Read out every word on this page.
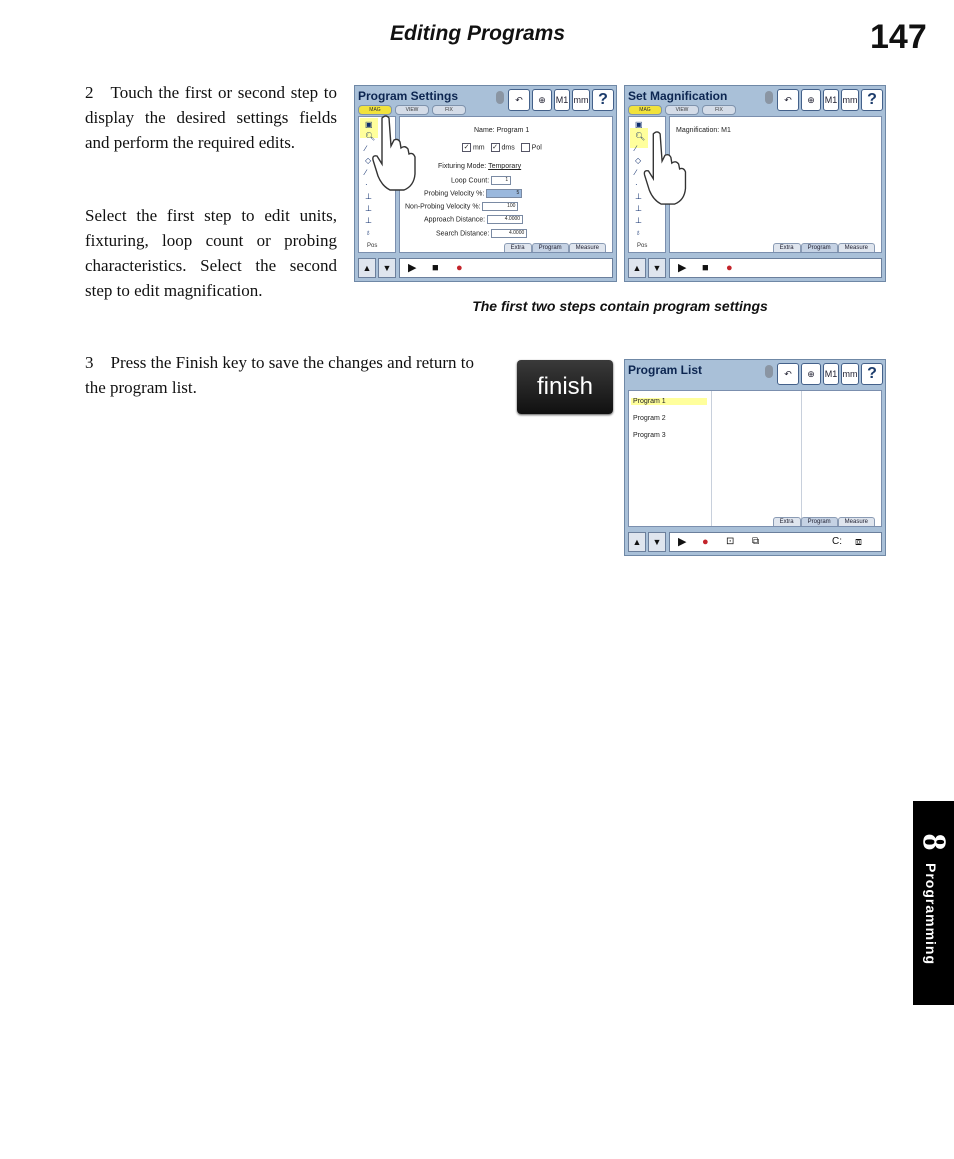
Editing Programs	147
2 Touch the first or second step to display the desired settings fields and perform the required edits.
Select the first step to edit units, fixturing, loop count or probing characteristics. Select the second step to edit magnification.
Program Settings	↶	⊕	M1 mm ?
MAG	VIEW	FIX
▣
🔍︎
∕
◇
∕
·
⊥
⊥
⊥
♁
Pos
Name: Program 1
✓ mm ✓ dms Pol
Fixturing Mode: Temporary
Loop Count:	1
Probing Velocity %:	5
Non-Probing Velocity %:	100
Approach Distance:	4.0000
Search Distance:	4.0000
Extra	Program	Measure
▲	▼	▶ ■ ●
Set Magnification	↶	⊕	M1 mm ?
MAG	VIEW	FIX
▣
🔍︎
∕
◇
∕
·
⊥
⊥
⊥
♁
Pos
Magnification: M1
Extra	Program	Measure
▲	▼	▶ ■ ●
The first two steps contain program settings
3 Press the Finish key to save the changes and return to the program list.	finish
Program List	↶	⊕	M1 mm ?
Program 1
Program 2
Program 3
Extra	Program	Measure
▲	▼	▶ ● ⊡ ⧉	C: ⧈
8
Programming
